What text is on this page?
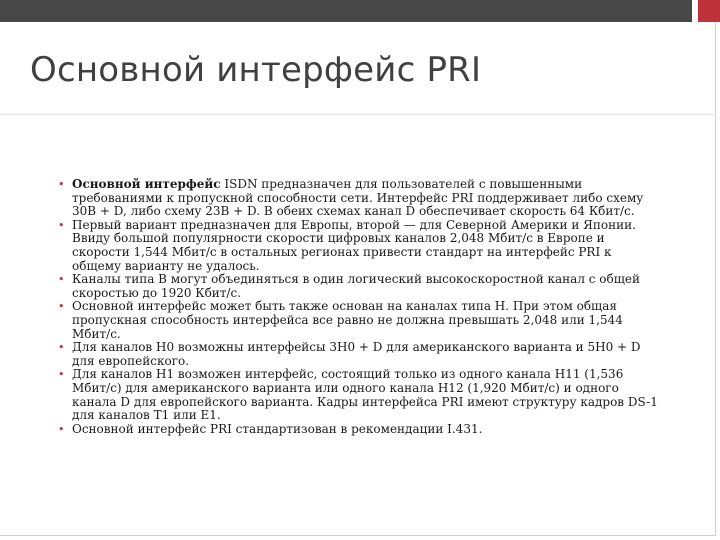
Основной интерфейс PRI
• Основной интерфейс ISDN предназначен для пользователей с повышенными требованиями к пропускной способности сети. Интерфейс PRI поддерживает либо схему 30B + D, либо схему 23B + D. В обеих схемах канал D обеспечивает скорость 64 Кбит/с.
• Первый вариант предназначен для Европы, второй — для Северной Америки и Японии. Ввиду большой популярности скорости цифровых каналов 2,048 Мбит/с в Европе и скорости 1,544 Мбит/с в остальных регионах привести стандарт на интерфейс PRI к общему варианту не удалось.
• Каналы типа B могут объединяться в один логический высокоскоростной канал с общей скоростью до 1920 Кбит/с.
• Основной интерфейс может быть также основан на каналах типа H. При этом общая пропускная способность интерфейса все равно не должна превышать 2,048 или 1,544 Мбит/с.
• Для каналов H0 возможны интерфейсы 3H0 + D для американского варианта и 5H0 + D для европейского.
• Для каналов H1 возможен интерфейс, состоящий только из одного канала H11 (1,536 Мбит/с) для американского варианта или одного канала H12 (1,920 Мбит/с) и одного канала D для европейского варианта. Кадры интерфейса PRI имеют структуру кадров DS-1 для каналов T1 или E1.
• Основной интерфейс PRI стандартизован в рекомендации I.431.
